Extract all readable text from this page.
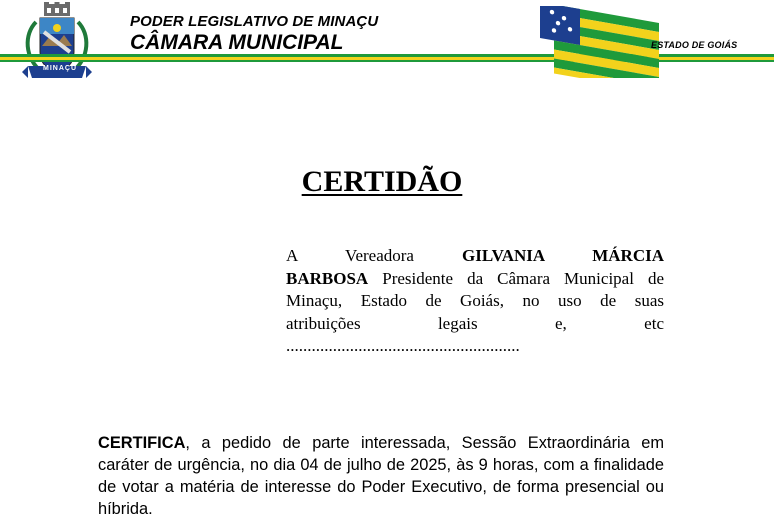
MINAÇU
PODER LEGISLATIVO DE MINAÇU
CÂMARA MUNICIPAL	ESTADO DE GOIÁS
CERTIDÃO
A Vereadora	GILVANIA MÁRCIA
BARBOSA Presidente da Câmara Municipal de
Minaçu, Estado de Goiás, no uso de suas
atribuições legais e, etc
.......................................................
CERTIFICA, a pedido de parte interessada, Sessão Extraordinária em caráter de urgência, no dia 04 de julho de 2025, às 9 horas, com a finalidade de votar a matéria de interesse do Poder Executivo, de forma presencial ou híbrida.
